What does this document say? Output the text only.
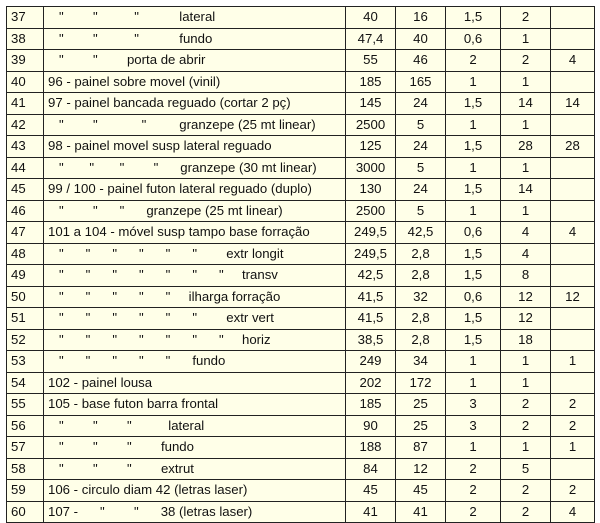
37	"        "          "           lateral	40	16	1,5	2	
38	"        "          "           fundo	47,4	40	0,6	1	
39	"        "        porta de abrir	55	46	2	2	4
40	96 - painel sobre movel (vinil)	185	165	1	1	
41	97 - painel bancada reguado (cortar 2 pç)	145	24	1,5	14	14
42	"        "            "         granzepe (25 mt linear)	2500	5	1	1	
43	98 - painel movel susp lateral reguado	125	24	1,5	28	28
44	"       "       "        "      granzepe (30 mt linear)	3000	5	1	1	
45	99 / 100 - painel futon lateral reguado (duplo)	130	24	1,5	14	
46	"        "      "      granzepe (25 mt linear)	2500	5	1	1	
47	101 a 104 - móvel susp tampo base forração	249,5	42,5	0,6	4	4
48	"      "      "      "      "      "        extr longit	249,5	2,8	1,5	4	
49	"      "      "      "      "      "      "     transv	42,5	2,8	1,5	8	
50	"      "      "      "      "     ilharga forração	41,5	32	0,6	12	12
51	"      "      "      "      "      "        extr vert	41,5	2,8	1,5	12	
52	"      "      "      "      "      "      "     horiz	38,5	2,8	1,5	18	
53	"      "      "      "      "      fundo	249	34	1	1	1
54	102 - painel lousa	202	172	1	1	
55	105 - base futon barra frontal	185	25	3	2	2
56	"        "        "          lateral	90	25	3	2	2
57	"        "        "        fundo	188	87	1	1	1
58	"        "        "        extrut	84	12	2	5	
59	106 - circulo diam 42 (letras laser)	45	45	2	2	2
60	107 -      "        "      38 (letras laser)	41	41	2	2	4
